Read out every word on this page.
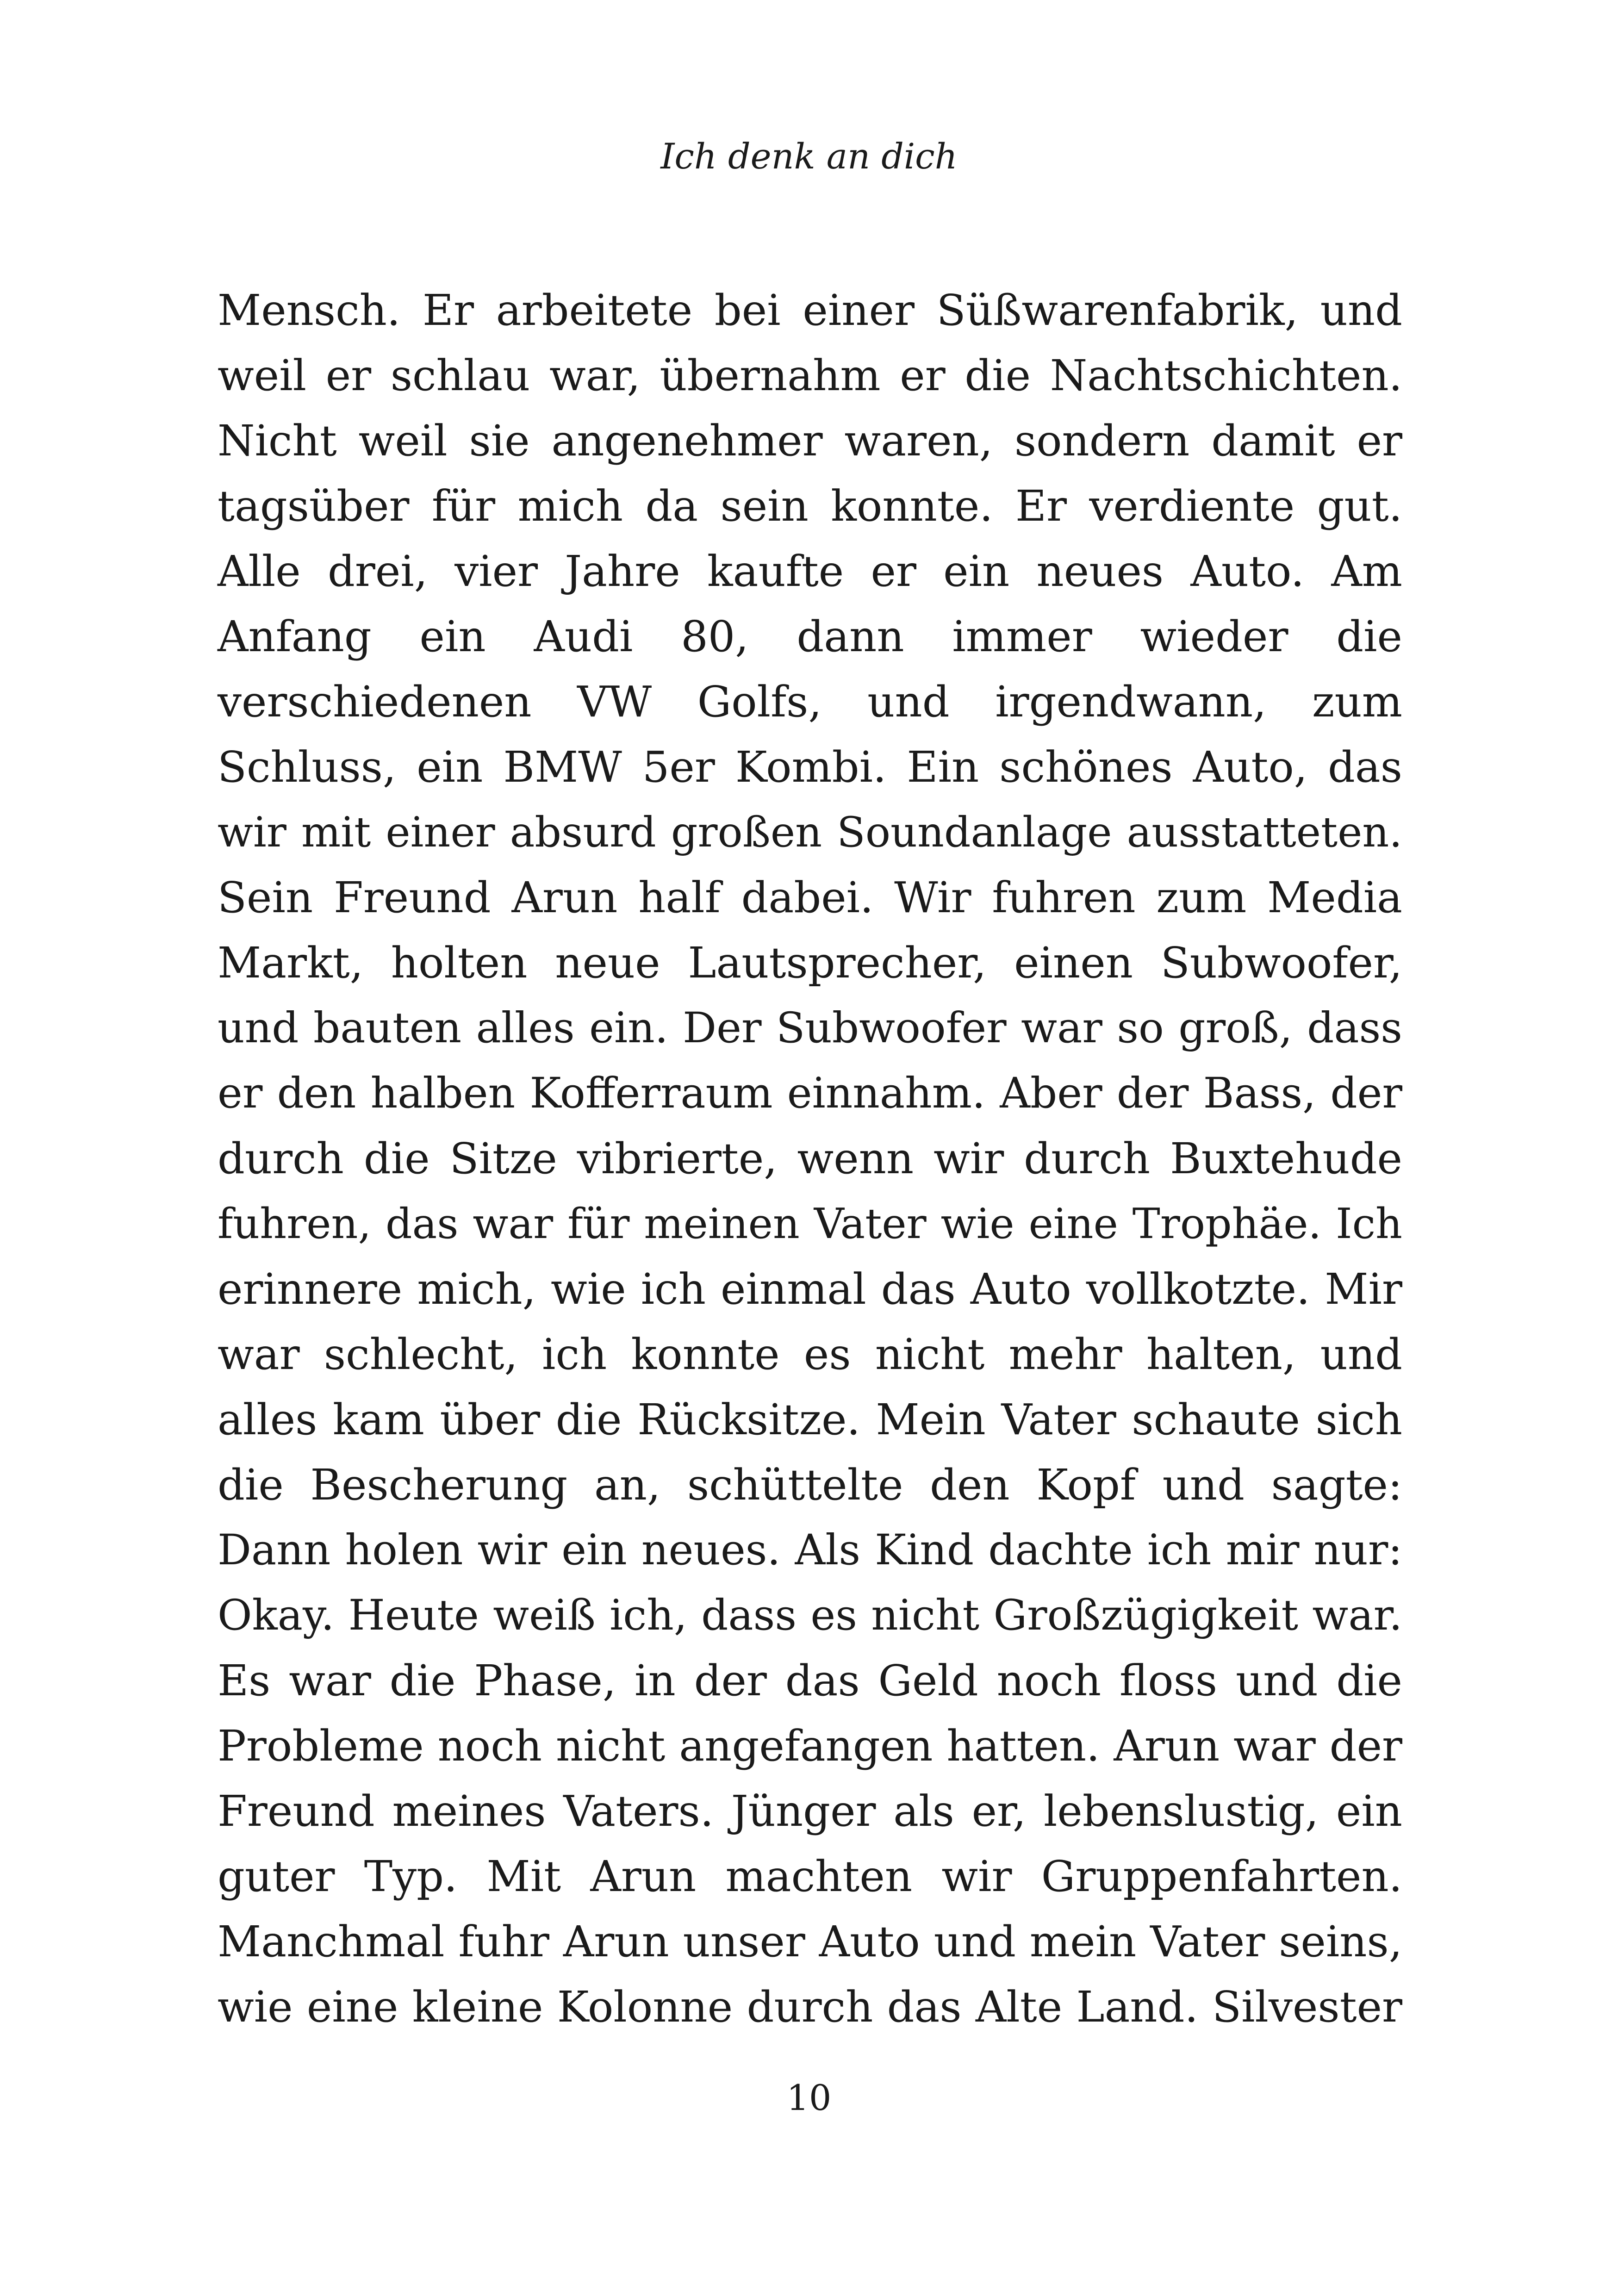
Ich denk an dich
Mensch. Er arbeitete bei einer Süßwarenfabrik, und
weil er schlau war, übernahm er die Nachtschichten.
Nicht weil sie angenehmer waren, sondern damit er
tagsüber für mich da sein konnte. Er verdiente gut.
Alle drei, vier Jahre kaufte er ein neues Auto. Am
Anfang ein Audi 80, dann immer wieder die
verschiedenen VW Golfs, und irgendwann, zum
Schluss, ein BMW 5er Kombi. Ein schönes Auto, das
wir mit einer absurd großen Soundanlage ausstatteten.
Sein Freund Arun half dabei. Wir fuhren zum Media
Markt, holten neue Lautsprecher, einen Subwoofer,
und bauten alles ein. Der Subwoofer war so groß, dass
er den halben Kofferraum einnahm. Aber der Bass, der
durch die Sitze vibrierte, wenn wir durch Buxtehude
fuhren, das war für meinen Vater wie eine Trophäe. Ich
erinnere mich, wie ich einmal das Auto vollkotzte. Mir
war schlecht, ich konnte es nicht mehr halten, und
alles kam über die Rücksitze. Mein Vater schaute sich
die Bescherung an, schüttelte den Kopf und sagte:
Dann holen wir ein neues. Als Kind dachte ich mir nur:
Okay. Heute weiß ich, dass es nicht Großzügigkeit war.
Es war die Phase, in der das Geld noch floss und die
Probleme noch nicht angefangen hatten. Arun war der
Freund meines Vaters. Jünger als er, lebenslustig, ein
guter Typ. Mit Arun machten wir Gruppenfahrten.
Manchmal fuhr Arun unser Auto und mein Vater seins,
wie eine kleine Kolonne durch das Alte Land. Silvester
10
